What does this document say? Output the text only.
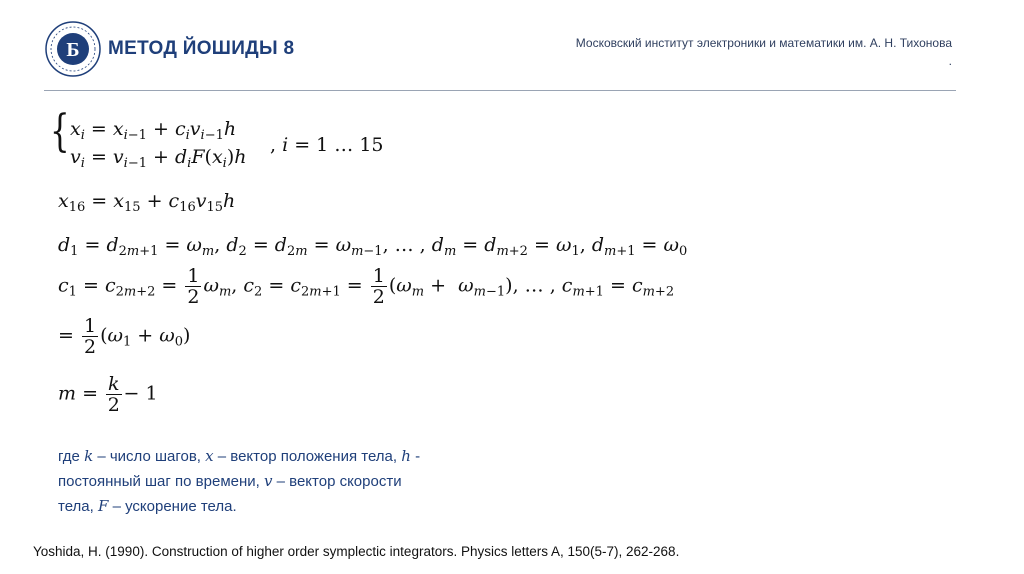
Б МЕТОД ЙОШИДЫ 8	Московский институт электроники и математики им. А. Н. Тихонова
.
{ $x_i = x_{i-1} + c_iv_{i-1}h$
$v_i = v_{i-1} + d_iF(x_i)h$
, i = 1 … 15
$x_{16} = x_{15} + c_{16}v_{15}h$
$d_1 = d_{2m+1} = \omega_m$, $d_2 = d_{2m} = \omega_{m-1}$, … , $d_m = d_{m+2} = \omega_1$, $d_{m+1} = \omega_0$
$c_1 = c_{2m+2} = \frac{1}{2} \omega_m$, $c_2 = c_{2m+1} = \frac{1}{2} (\omega_m + \omega_{m-1})$, … , $c_{m+1} = c_{m+2}$
= $\frac{1}{2} (\omega_1 + \omega_0)$
$m = \frac{k}{2} - 1$
где k – число шагов, x – вектор положения тела, h - постоянный шаг по времени, v – вектор скорости тела, F – ускорение тела.
Yoshida, H. (1990). Construction of higher order symplectic integrators. Physics letters A, 150(5-7), 262-268.
